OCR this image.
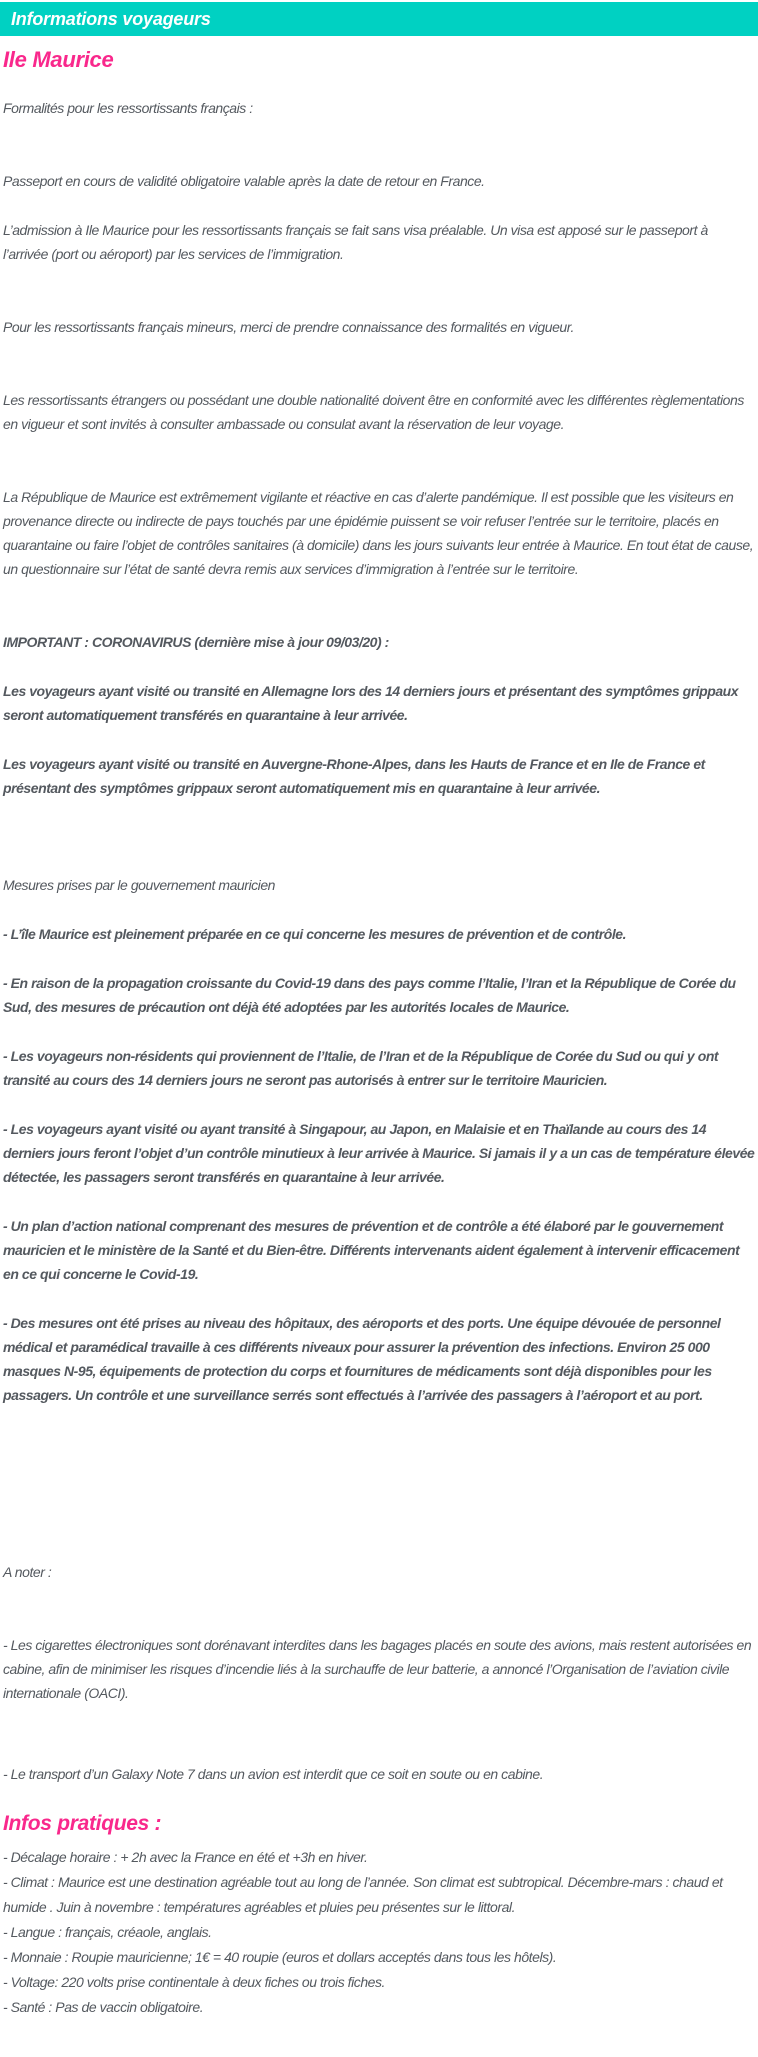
Informations voyageurs
Ile Maurice

Formalités pour les ressortissants français :

Passeport en cours de validité obligatoire valable après la date de retour en France.

L’admission à Ile Maurice pour les ressortissants français se fait sans visa préalable. Un visa est apposé sur le passeport à l’arrivée (port ou aéroport) par les services de l’immigration.

Pour les ressortissants français mineurs, merci de prendre connaissance des formalités en vigueur.

Les ressortissants étrangers ou possédant une double nationalité doivent être en conformité avec les différentes règlementations en vigueur et sont invités à consulter ambassade ou consulat avant la réservation de leur voyage.

La République de Maurice est extrêmement vigilante et réactive en cas d’alerte pandémique. Il est possible que les visiteurs en provenance directe ou indirecte de pays touchés par une épidémie puissent se voir refuser l’entrée sur le territoire, placés en quarantaine ou faire l’objet de contrôles sanitaires (à domicile) dans les jours suivants leur entrée à Maurice. En tout état de cause, un questionnaire sur l’état de santé devra remis aux services d’immigration à l’entrée sur le territoire.

IMPORTANT : CORONAVIRUS (dernière mise à jour 09/03/20) :

Les voyageurs ayant visité ou transité en Allemagne lors des 14 derniers jours et présentant des symptômes grippaux seront automatiquement transférés en quarantaine à leur arrivée.

Les voyageurs ayant visité ou transité en Auvergne-Rhone-Alpes, dans les Hauts de France et en Ile de France et présentant des symptômes grippaux seront automatiquement mis en quarantaine à leur arrivée.

Mesures prises par le gouvernement mauricien

- L’île Maurice est pleinement préparée en ce qui concerne les mesures de prévention et de contrôle.

- En raison de la propagation croissante du Covid-19 dans des pays comme l’Italie, l’Iran et la République de Corée du Sud, des mesures de précaution ont déjà été adoptées par les autorités locales de Maurice.

- Les voyageurs non-résidents qui proviennent de l’Italie, de l’Iran et de la République de Corée du Sud ou qui y ont transité au cours des 14 derniers jours ne seront pas autorisés à entrer sur le territoire Mauricien.

- Les voyageurs ayant visité ou ayant transité à Singapour, au Japon, en Malaisie et en Thaïlande au cours des 14 derniers jours feront l’objet d’un contrôle minutieux à leur arrivée à Maurice. Si jamais il y a un cas de température élevée détectée, les passagers seront transférés en quarantaine à leur arrivée.

- Un plan d’action national comprenant des mesures de prévention et de contrôle a été élaboré par le gouvernement mauricien et le ministère de la Santé et du Bien-être. Différents intervenants aident également à intervenir efficacement en ce qui concerne le Covid-19.

- Des mesures ont été prises au niveau des hôpitaux, des aéroports et des ports. Une équipe dévouée de personnel médical et paramédical travaille à ces différents niveaux pour assurer la prévention des infections. Environ 25 000 masques N-95, équipements de protection du corps et fournitures de médicaments sont déjà disponibles pour les passagers. Un contrôle et une surveillance serrés sont effectués à l’arrivée des passagers à l’aéroport et au port.

A noter :

- Les cigarettes électroniques sont dorénavant interdites dans les bagages placés en soute des avions, mais restent autorisées en cabine, afin de minimiser les risques d’incendie liés à la surchauffe de leur batterie, a annoncé l’Organisation de l’aviation civile internationale (OACI).

- Le transport d’un Galaxy Note 7 dans un avion est interdit que ce soit en soute ou en cabine.

Infos pratiques :

- Décalage horaire : + 2h avec la France en été et +3h en hiver.

- Climat : Maurice est une destination agréable tout au long de l’année. Son climat est subtropical. Décembre-mars : chaud et humide . Juin à novembre : températures agréables et pluies peu présentes sur le littoral.

- Langue : français, créaole, anglais.

- Monnaie : Roupie mauricienne; 1€ = 40 roupie (euros et dollars acceptés dans tous les hôtels).

- Voltage: 220 volts prise continentale à deux fiches ou trois fiches.

- Santé : Pas de vaccin obligatoire.
